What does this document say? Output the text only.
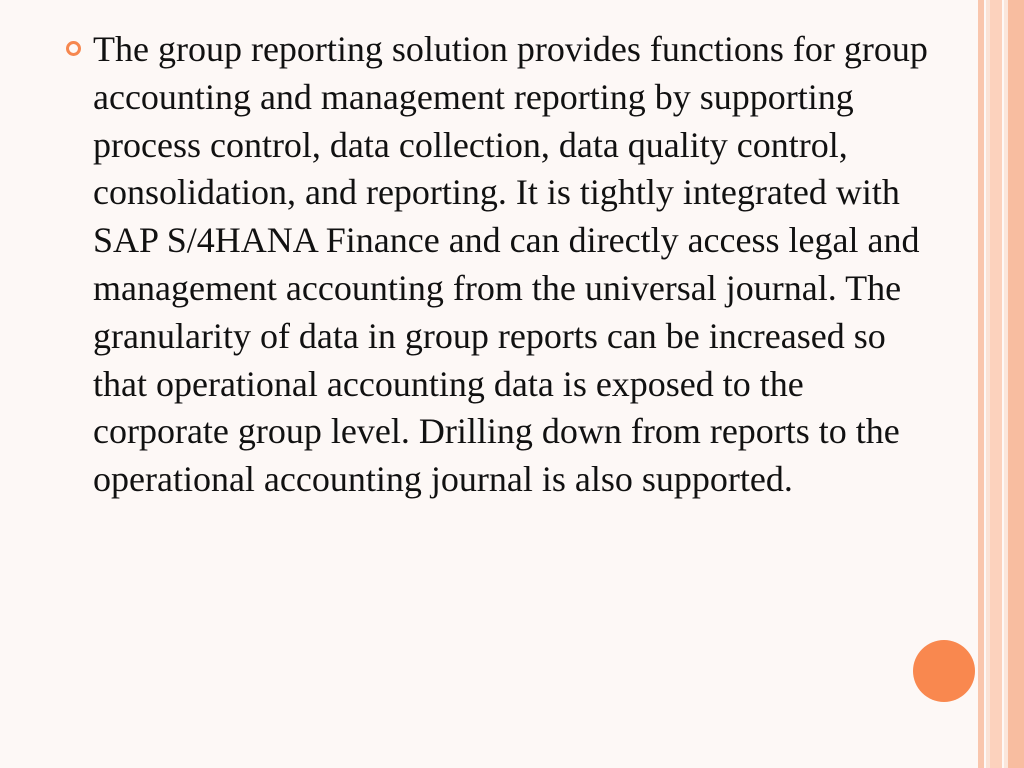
The group reporting solution provides functions for group accounting and management reporting by supporting process control, data collection, data quality control, consolidation, and reporting. It is tightly integrated with SAP S/4HANA Finance and can directly access legal and management accounting from the universal journal. The granularity of data in group reports can be increased so that operational accounting data is exposed to the corporate group level. Drilling down from reports to the operational accounting journal is also supported.
